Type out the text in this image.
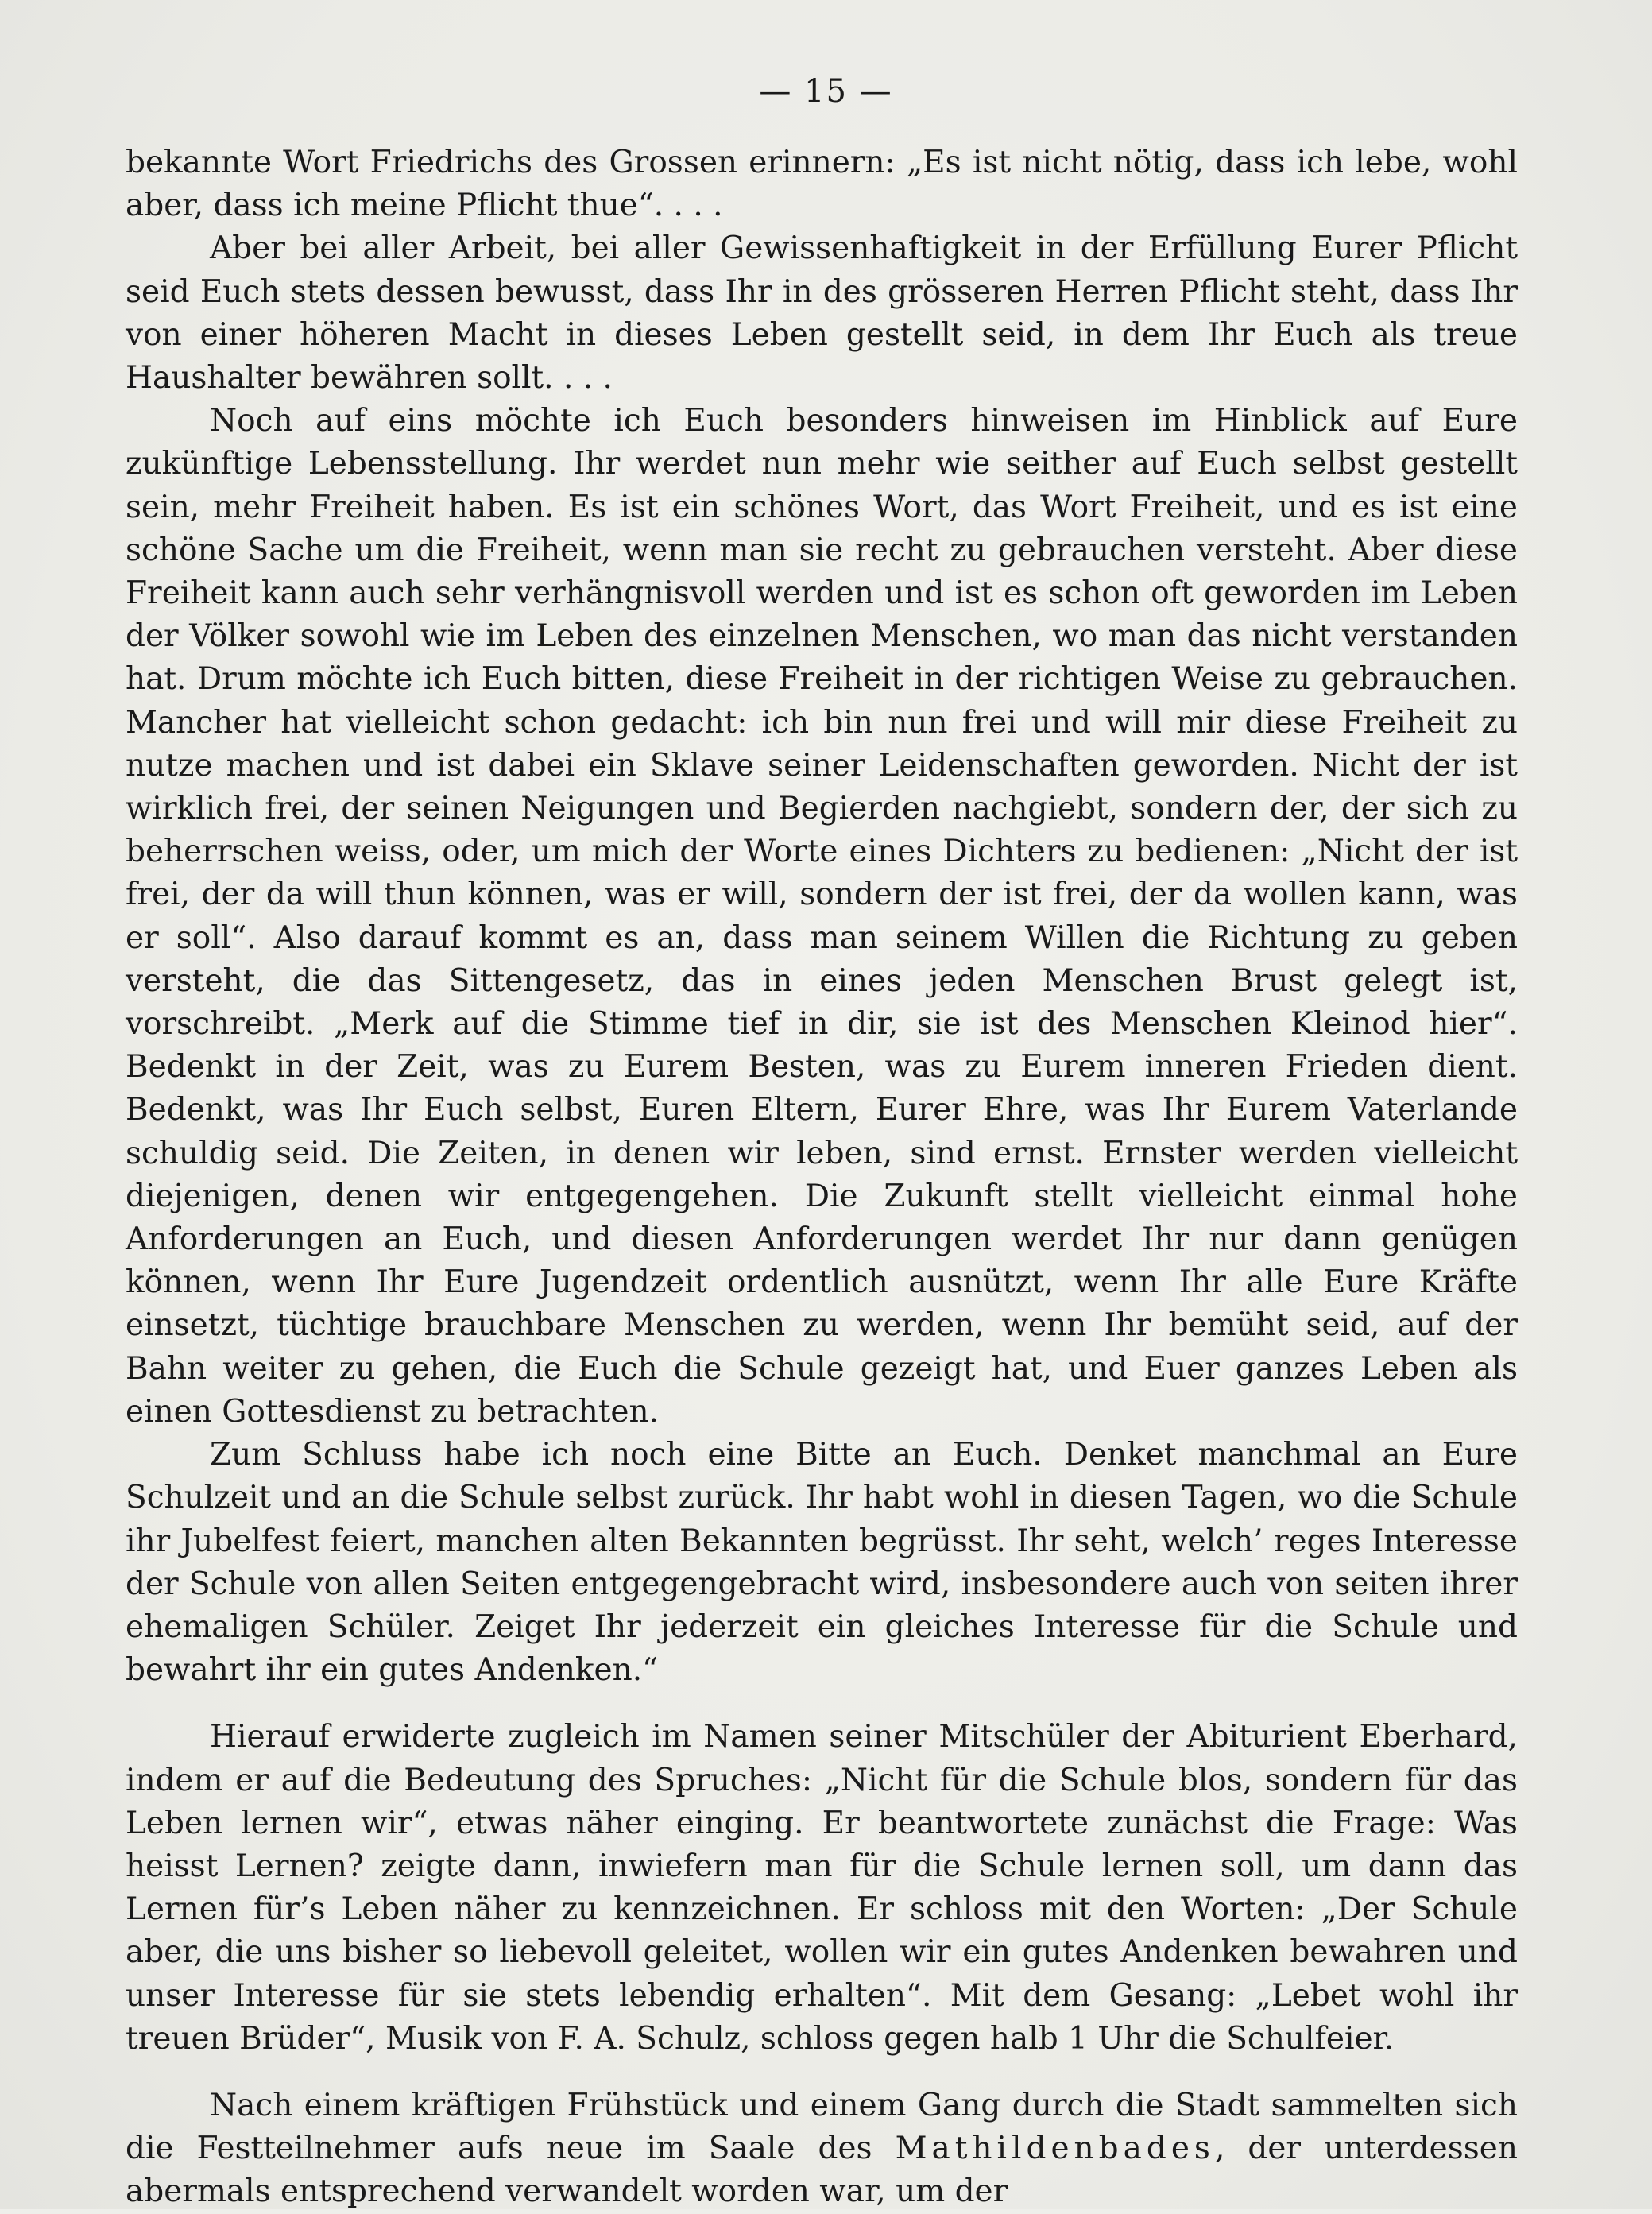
— 15 —

bekannte Wort Friedrichs des Grossen erinnern: „Es ist nicht nötig, dass ich lebe, wohl aber, dass ich meine Pflicht thue“. . . .

Aber bei aller Arbeit, bei aller Gewissenhaftigkeit in der Erfüllung Eurer Pflicht seid Euch stets dessen bewusst, dass Ihr in des grösseren Herren Pflicht steht, dass Ihr von einer höheren Macht in dieses Leben gestellt seid, in dem Ihr Euch als treue Haushalter bewähren sollt. . . .

Noch auf eins möchte ich Euch besonders hinweisen im Hinblick auf Eure zukünftige Lebensstellung. Ihr werdet nun mehr wie seither auf Euch selbst gestellt sein, mehr Freiheit haben. Es ist ein schönes Wort, das Wort Freiheit, und es ist eine schöne Sache um die Freiheit, wenn man sie recht zu gebrauchen versteht. Aber diese Freiheit kann auch sehr verhängnisvoll werden und ist es schon oft geworden im Leben der Völker sowohl wie im Leben des einzelnen Menschen, wo man das nicht verstanden hat. Drum möchte ich Euch bitten, diese Freiheit in der richtigen Weise zu gebrauchen. Mancher hat vielleicht schon gedacht: ich bin nun frei und will mir diese Freiheit zu nutze machen und ist dabei ein Sklave seiner Leidenschaften geworden. Nicht der ist wirklich frei, der seinen Neigungen und Begierden nachgiebt, sondern der, der sich zu beherrschen weiss, oder, um mich der Worte eines Dichters zu bedienen: „Nicht der ist frei, der da will thun können, was er will, sondern der ist frei, der da wollen kann, was er soll“. Also darauf kommt es an, dass man seinem Willen die Richtung zu geben versteht, die das Sittengesetz, das in eines jeden Menschen Brust gelegt ist, vorschreibt. „Merk auf die Stimme tief in dir, sie ist des Menschen Kleinod hier“. Bedenkt in der Zeit, was zu Eurem Besten, was zu Eurem inneren Frieden dient. Bedenkt, was Ihr Euch selbst, Euren Eltern, Eurer Ehre, was Ihr Eurem Vaterlande schuldig seid. Die Zeiten, in denen wir leben, sind ernst. Ernster werden vielleicht diejenigen, denen wir entgegengehen. Die Zukunft stellt vielleicht einmal hohe Anforderungen an Euch, und diesen Anforderungen werdet Ihr nur dann genügen können, wenn Ihr Eure Jugendzeit ordentlich ausnützt, wenn Ihr alle Eure Kräfte einsetzt, tüchtige brauchbare Menschen zu werden, wenn Ihr bemüht seid, auf der Bahn weiter zu gehen, die Euch die Schule gezeigt hat, und Euer ganzes Leben als einen Gottesdienst zu betrachten.

Zum Schluss habe ich noch eine Bitte an Euch. Denket manchmal an Eure Schulzeit und an die Schule selbst zurück. Ihr habt wohl in diesen Tagen, wo die Schule ihr Jubelfest feiert, manchen alten Bekannten begrüsst. Ihr seht, welch’ reges Interesse der Schule von allen Seiten entgegengebracht wird, insbesondere auch von seiten ihrer ehemaligen Schüler. Zeiget Ihr jederzeit ein gleiches Interesse für die Schule und bewahrt ihr ein gutes Andenken.“

Hierauf erwiderte zugleich im Namen seiner Mitschüler der Abiturient Eberhard, indem er auf die Bedeutung des Spruches: „Nicht für die Schule blos, sondern für das Leben lernen wir“, etwas näher einging. Er beantwortete zunächst die Frage: Was heisst Lernen? zeigte dann, inwiefern man für die Schule lernen soll, um dann das Lernen für’s Leben näher zu kennzeichnen. Er schloss mit den Worten: „Der Schule aber, die uns bisher so liebevoll geleitet, wollen wir ein gutes Andenken bewahren und unser Interesse für sie stets lebendig erhalten“. Mit dem Gesang: „Lebet wohl ihr treuen Brüder“, Musik von F. A. Schulz, schloss gegen halb 1 Uhr die Schulfeier.

Nach einem kräftigen Frühstück und einem Gang durch die Stadt sammelten sich die Festteilnehmer aufs neue im Saale des Mathildenbades, der unterdessen abermals entsprechend verwandelt worden war, um der
